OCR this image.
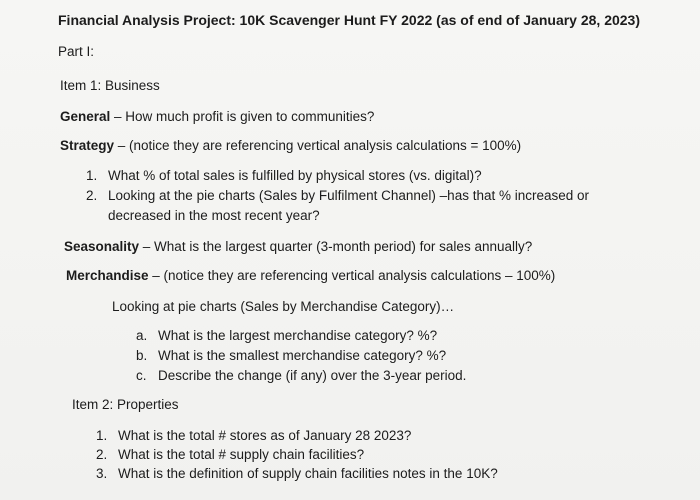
Financial Analysis Project: 10K Scavenger Hunt FY 2022 (as of end of January 28, 2023)
Part I:
Item 1: Business
General – How much profit is given to communities?
Strategy – (notice they are referencing vertical analysis calculations = 100%)
1. What % of total sales is fulfilled by physical stores (vs. digital)?
2. Looking at the pie charts (Sales by Fulfilment Channel) –has that % increased or
decreased in the most recent year?
Seasonality – What is the largest quarter (3-month period) for sales annually?
Merchandise – (notice they are referencing vertical analysis calculations – 100%)
Looking at pie charts (Sales by Merchandise Category)…
a. What is the largest merchandise category? %?
b. What is the smallest merchandise category? %?
c. Describe the change (if any) over the 3-year period.
Item 2: Properties
1. What is the total # stores as of January 28 2023?
2. What is the total # supply chain facilities?
3. What is the definition of supply chain facilities notes in the 10K?
